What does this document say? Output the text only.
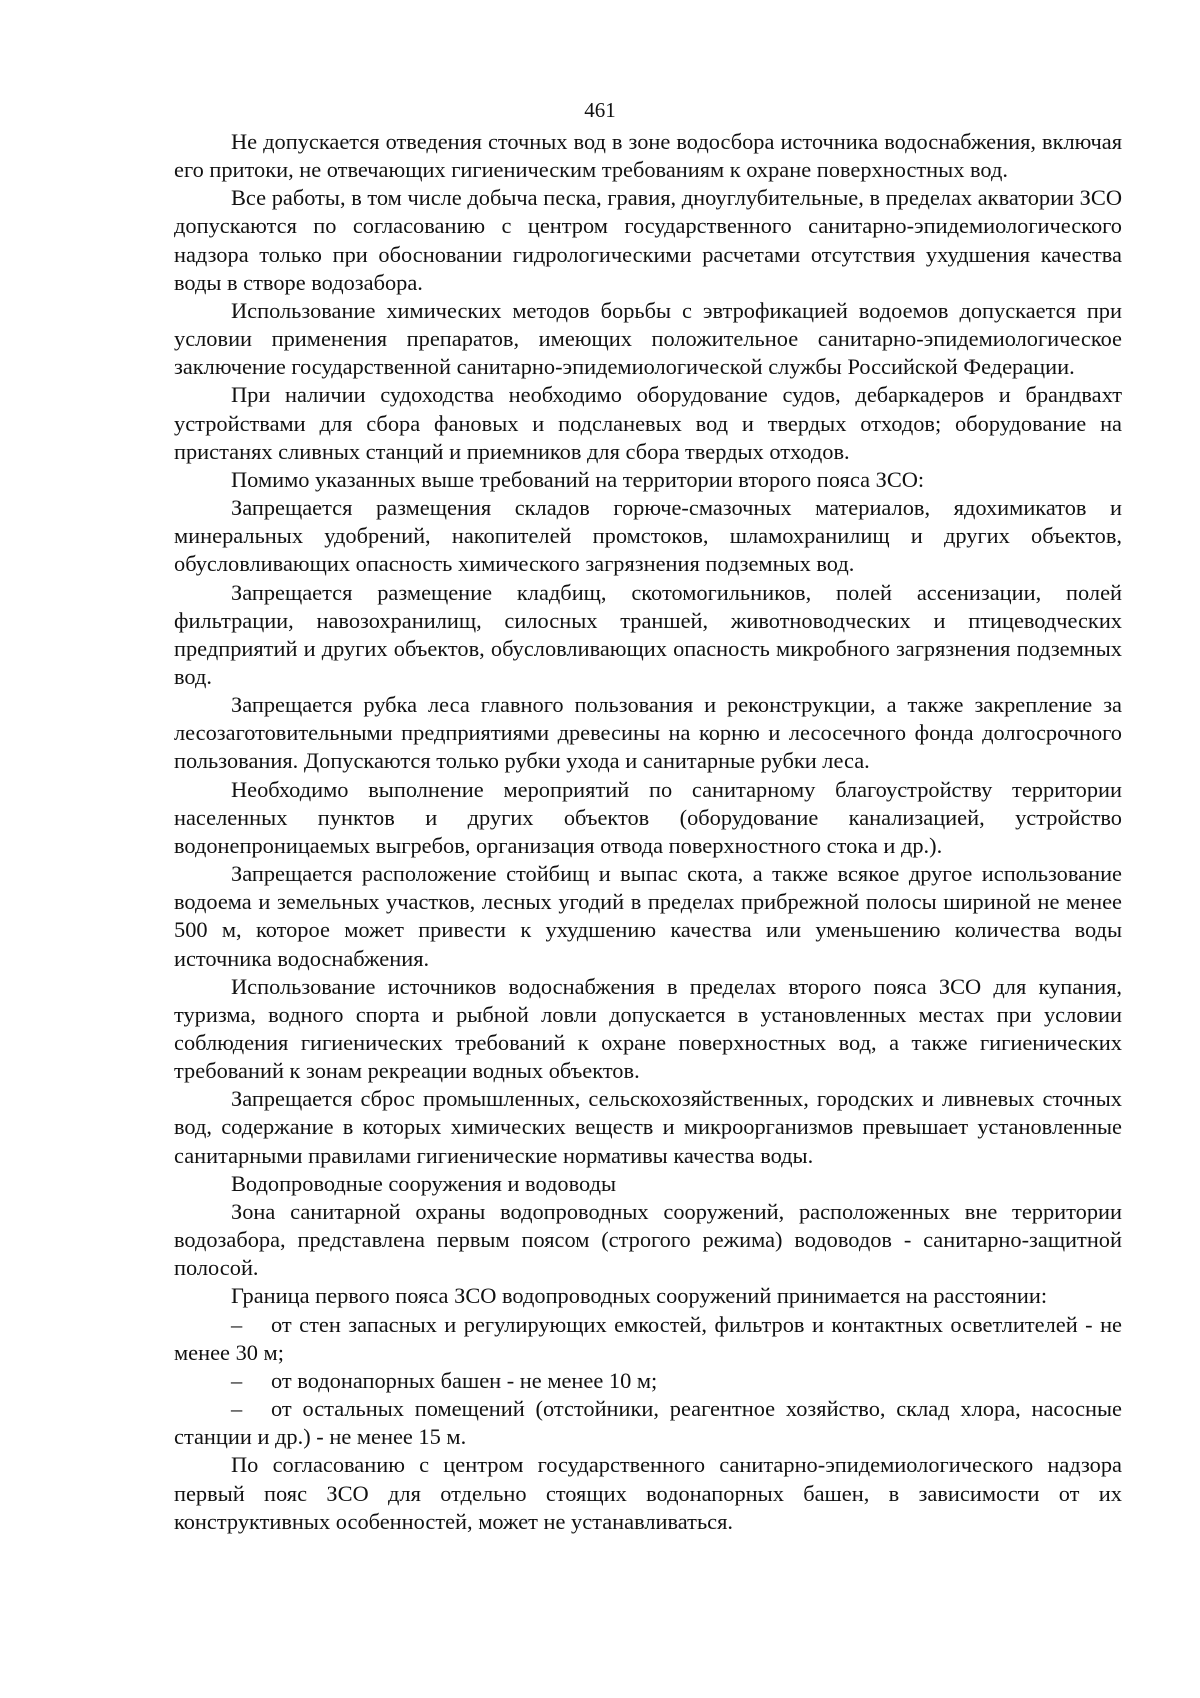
461

Не допускается отведения сточных вод в зоне водосбора источника водоснабжения, включая его притоки, не отвечающих гигиеническим требованиям к охране поверхностных вод.

Все работы, в том числе добыча песка, гравия, дноуглубительные, в пределах акватории ЗСО допускаются по согласованию с центром государственного санитарно-эпидемиологического надзора только при обосновании гидрологическими расчетами отсутствия ухудшения качества воды в створе водозабора.

Использование химических методов борьбы с эвтрофикацией водоемов допускается при условии применения препаратов, имеющих положительное санитарно-эпидемиологическое заключение государственной санитарно-эпидемиологической службы Российской Федерации.

При наличии судоходства необходимо оборудование судов, дебаркадеров и брандвахт устройствами для сбора фановых и подсланевых вод и твердых отходов; оборудование на пристанях сливных станций и приемников для сбора твердых отходов.

Помимо указанных выше требований на территории второго пояса ЗСО:

Запрещается размещения складов горюче-смазочных материалов, ядохимикатов и минеральных удобрений, накопителей промстоков, шламохранилищ и других объектов, обусловливающих опасность химического загрязнения подземных вод.

Запрещается размещение кладбищ, скотомогильников, полей ассенизации, полей фильтрации, навозохранилищ, силосных траншей, животноводческих и птицеводческих предприятий и других объектов, обусловливающих опасность микробного загрязнения подземных вод.

Запрещается рубка леса главного пользования и реконструкции, а также закрепление за лесозаготовительными предприятиями древесины на корню и лесосечного фонда долгосрочного пользования. Допускаются только рубки ухода и санитарные рубки леса.

Необходимо выполнение мероприятий по санитарному благоустройству территории населенных пунктов и других объектов (оборудование канализацией, устройство водонепроницаемых выгребов, организация отвода поверхностного стока и др.).

Запрещается расположение стойбищ и выпас скота, а также всякое другое использование водоема и земельных участков, лесных угодий в пределах прибрежной полосы шириной не менее 500 м, которое может привести к ухудшению качества или уменьшению количества воды источника водоснабжения.

Использование источников водоснабжения в пределах второго пояса ЗСО для купания, туризма, водного спорта и рыбной ловли допускается в установленных местах при условии соблюдения гигиенических требований к охране поверхностных вод, а также гигиенических требований к зонам рекреации водных объектов.

Запрещается сброс промышленных, сельскохозяйственных, городских и ливневых сточных вод, содержание в которых химических веществ и микроорганизмов превышает установленные санитарными правилами гигиенические нормативы качества воды.

Водопроводные сооружения и водоводы

Зона санитарной охраны водопроводных сооружений, расположенных вне территории водозабора, представлена первым поясом (строгого режима) водоводов - санитарно-защитной полосой.

Граница первого пояса ЗСО водопроводных сооружений принимается на расстоянии:

– от стен запасных и регулирующих емкостей, фильтров и контактных осветлителей - не менее 30 м;

– от водонапорных башен - не менее 10 м;

– от остальных помещений (отстойники, реагентное хозяйство, склад хлора, насосные станции и др.) - не менее 15 м.

По согласованию с центром государственного санитарно-эпидемиологического надзора первый пояс ЗСО для отдельно стоящих водонапорных башен, в зависимости от их конструктивных особенностей, может не устанавливаться.
